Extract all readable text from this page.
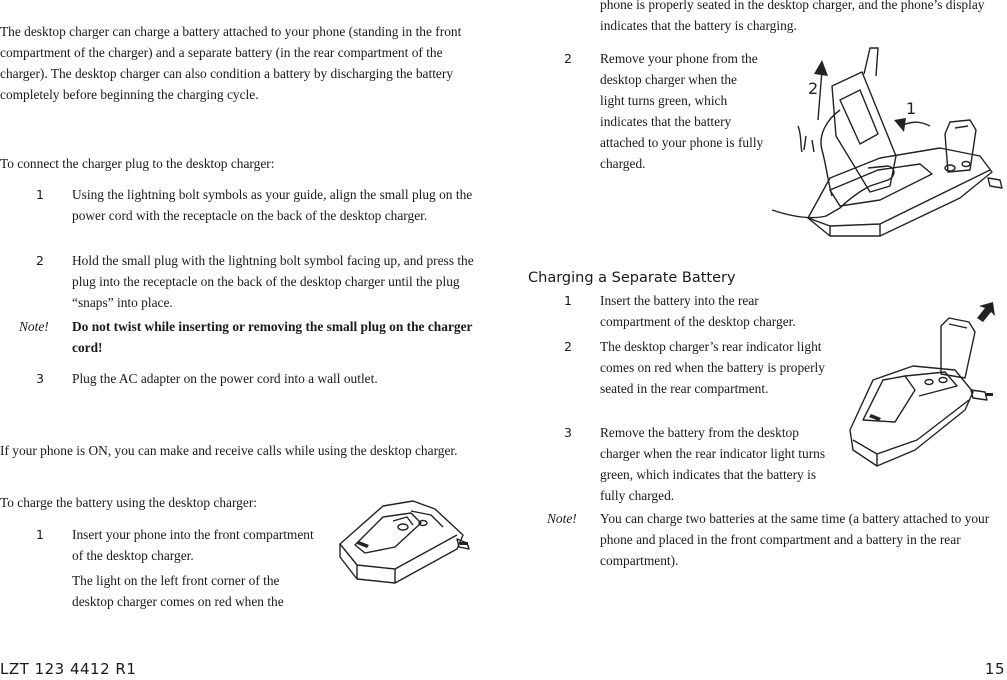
The desktop charger can charge a battery attached to your phone (standing in the front compartment of the charger) and a separate battery (in the rear compartment of the charger). The desktop charger can also condition a battery by discharging the battery completely before beginning the charging cycle.

To connect the charger plug to the desktop charger:

1 Using the lightning bolt symbols as your guide, align the small plug on the power cord with the receptacle on the back of the desktop charger.

2 Hold the small plug with the lightning bolt symbol facing up, and press the plug into the receptacle on the back of the desktop charger until the plug “snaps” into place.

Note! Do not twist while inserting or removing the small plug on the charger cord!

3 Plug the AC adapter on the power cord into a wall outlet.

If your phone is ON, you can make and receive calls while using the desktop charger.

To charge the battery using the desktop charger:

1 Insert your phone into the front compartment of the desktop charger.

The light on the left front corner of the desktop charger comes on red when the

phone is properly seated in the desktop charger, and the phone’s display indicates that the battery is charging.

2 Remove your phone from the desktop charger when the light turns green, which indicates that the battery attached to your phone is fully charged.

2
1
Charging a Separate Battery
1 Insert the battery into the rear compartment of the desktop charger.

2 The desktop charger’s rear indicator light comes on red when the battery is properly seated in the rear compartment.

3 Remove the battery from the desktop charger when the rear indicator light turns green, which indicates that the battery is fully charged.

Note! You can charge two batteries at the same time (a battery attached to your phone and placed in the front compartment and a battery in the rear compartment).

LZT 123 4412 R1	15
